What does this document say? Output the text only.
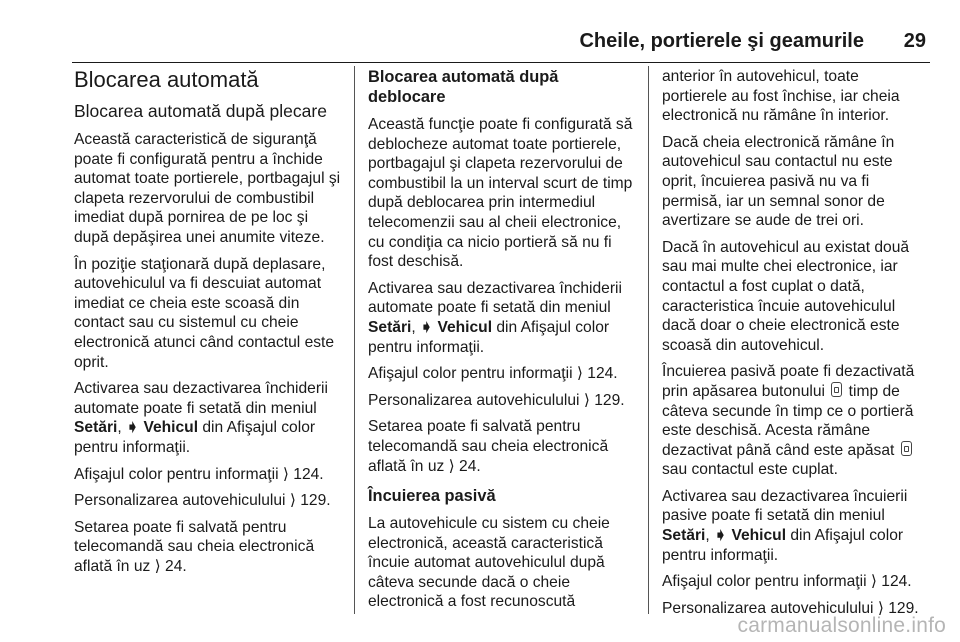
Cheile, portierele şi geamurile 29
Blocarea automată
Blocarea automată după plecare

Această caracteristică de siguranţă poate fi configurată pentru a închide automat toate portierele, portbagajul şi clapeta rezervorului de combustibil imediat după pornirea de pe loc şi după depăşirea unei anumite viteze.

În poziţie staţionară după deplasare, autovehiculul va fi descuiat automat imediat ce cheia este scoasă din contact sau cu sistemul cu cheie electronică atunci când contactul este oprit.

Activarea sau dezactivarea închiderii automate poate fi setată din meniul Setări, ➧ Vehicul din Afişajul color pentru informaţii.

Afişajul color pentru informaţii ⟩ 124.

Personalizarea autovehiculului ⟩ 129.

Setarea poate fi salvată pentru telecomandă sau cheia electronică aflată în uz ⟩ 24.

Blocarea automată după deblocare

Această funcţie poate fi configurată să deblocheze automat toate portierele, portbagajul şi clapeta rezervorului de combustibil la un interval scurt de timp după deblocarea prin intermediul telecomenzii sau al cheii electronice, cu condiţia ca nicio portieră să nu fi fost deschisă.

Activarea sau dezactivarea închiderii automate poate fi setată din meniul Setări, ➧ Vehicul din Afişajul color pentru informaţii.

Afişajul color pentru informaţii ⟩ 124.

Personalizarea autovehiculului ⟩ 129.

Setarea poate fi salvată pentru telecomandă sau cheia electronică aflată în uz ⟩ 24.

Încuierea pasivă

La autovehicule cu sistem cu cheie electronică, această caracteristică încuie automat autovehiculul după câteva secunde dacă o cheie electronică a fost recunoscută

anterior în autovehicul, toate portierele au fost închise, iar cheia electronică nu rămâne în interior.

Dacă cheia electronică rămâne în autovehicul sau contactul nu este oprit, încuierea pasivă nu va fi permisă, iar un semnal sonor de avertizare se aude de trei ori.

Dacă în autovehicul au existat două sau mai multe chei electronice, iar contactul a fost cuplat o dată, caracteristica încuie autovehiculul dacă doar o cheie electronică este scoasă din autovehicul.

Încuierea pasivă poate fi dezactivată prin apăsarea butonului  timp de câteva secunde în timp ce o portieră este deschisă. Acesta rămâne dezactivat până când este apăsat  sau contactul este cuplat.

Activarea sau dezactivarea încuierii pasive poate fi setată din meniul Setări, ➧ Vehicul din Afişajul color pentru informaţii.

Afişajul color pentru informaţii ⟩ 124.

Personalizarea autovehiculului ⟩ 129.

carmanualsonline.info
